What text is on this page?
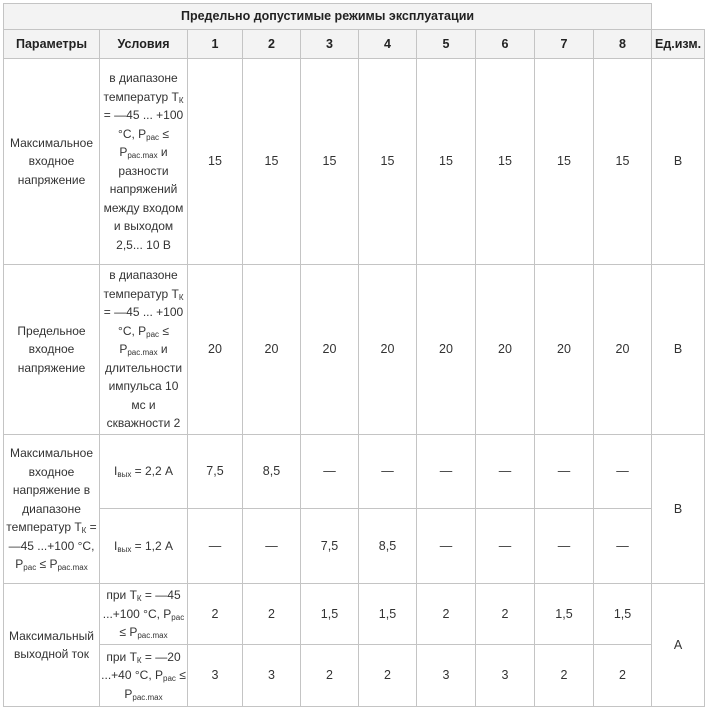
Предельно допустимые режимы эксплуатации										
Параметры	Условия	1	2	3	4	5	6	7	8	Ед.изм.
Максимальное входное напряжение	в диапазоне температур $Т_К$ = —45 ... +100 °С, $Р_{рас} \le Р_{рас.max}$ и разности напряжений между входом и выходом 2,5... 10 В	15	15	15	15	15	15	15	15	В
Предельное входное напряжение	в диапазоне температур $Т_К$ = —45 ... +100 °С, $Р_{рас} \le Р_{рас.max}$ и длительности импульса 10 мс и скважности 2	20	20	20	20	20	20	20	20	В
Максимальное входное напряжение в диапазоне температур $Т_К$ = —45 ...+100 °С, $Р_{рас} \le Р_{рас.max}$	$I_{вых} = 2,2$ А	7,5	8,5	—	—	—	—	—	—	В
	$I_{вых} = 1,2$ А	—	—	7,5	8,5	—	—	—	—	
Максимальный выходной ток	при $Т_К$ = —45 ...+100 °С, $Р_{рас} \le Р_{рас.max}$	2	2	1,5	1,5	2	2	1,5	1,5	А
	при $Т_К$ = —20 ...+40 °С, $Р_{рас} \le Р_{рас.max}$	3	3	2	2	3	3	2	2	
